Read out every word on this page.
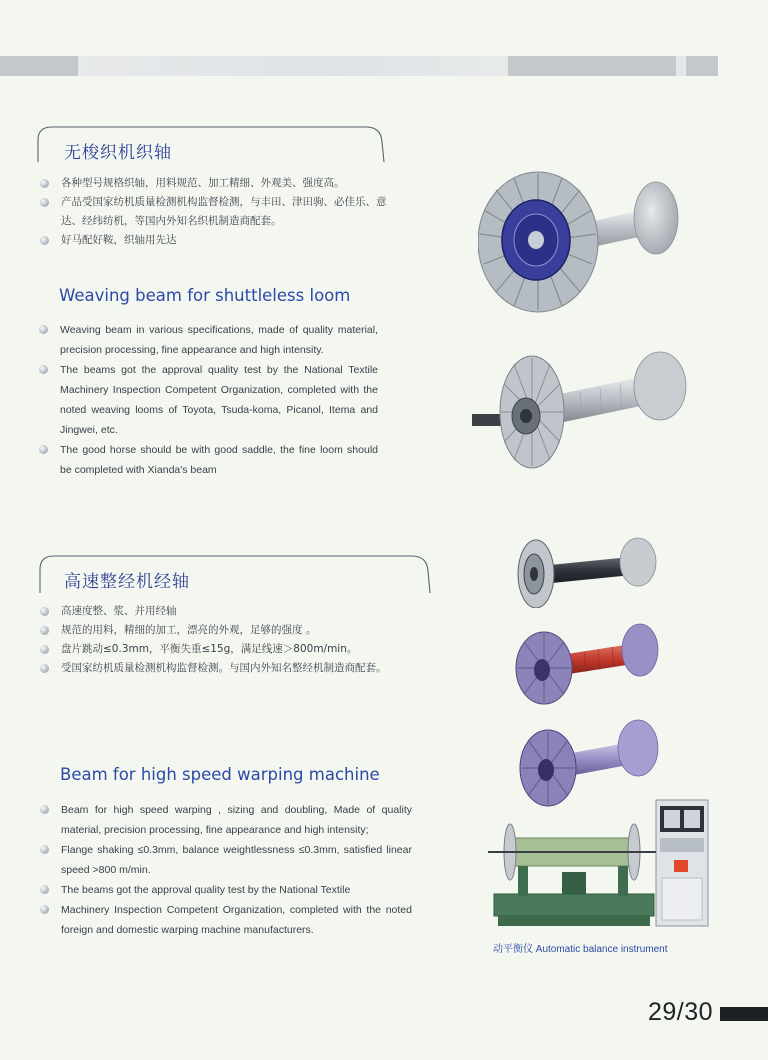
无梭织机织轴
各种型号规格织轴，用料规范、加工精细、外观美、强度高。
产品受国家纺机质量检测机构监督检测，与丰田、津田驹、必佳乐、意达、经纬纺机，等国内外知名织机制造商配套。
好马配好鞍，织轴用先达
Weaving beam for shuttleless loom
Weaving beam in various specifications, made of quality material, precision processing, fine appearance and high intensity.
The beams got the approval quality test by the National Textile Machinery Inspection Competent Organization, completed with the noted weaving looms of Toyota, Tsuda-koma, Picanol, Itema and Jingwei, etc.
The good horse should be with good saddle, the fine loom should be completed with Xianda's beam
高速整经机经轴
高速度整、浆、并用经轴
规范的用料，精细的加工，漂亮的外观，足够的强度 。
盘片跳动≤0.3mm，平衡失重≤15g，满足线速＞800m/min。
受国家纺机质量检测机构监督检测。与国内外知名整经机制造商配套。
Beam for high speed warping machine
Beam for high speed warping , sizing and doubling, Made of quality material, precision processing, fine appearance and high intensity;
Flange shaking ≤0.3mm, balance weightlessness ≤0.3mm, satisfied linear speed >800 m/min.
The beams got the approval quality test by the National Textile
Machinery Inspection Competent Organization, completed with the noted foreign and domestic warping machine manufacturers.
动平衡仪 Automatic balance instrument
29/30
